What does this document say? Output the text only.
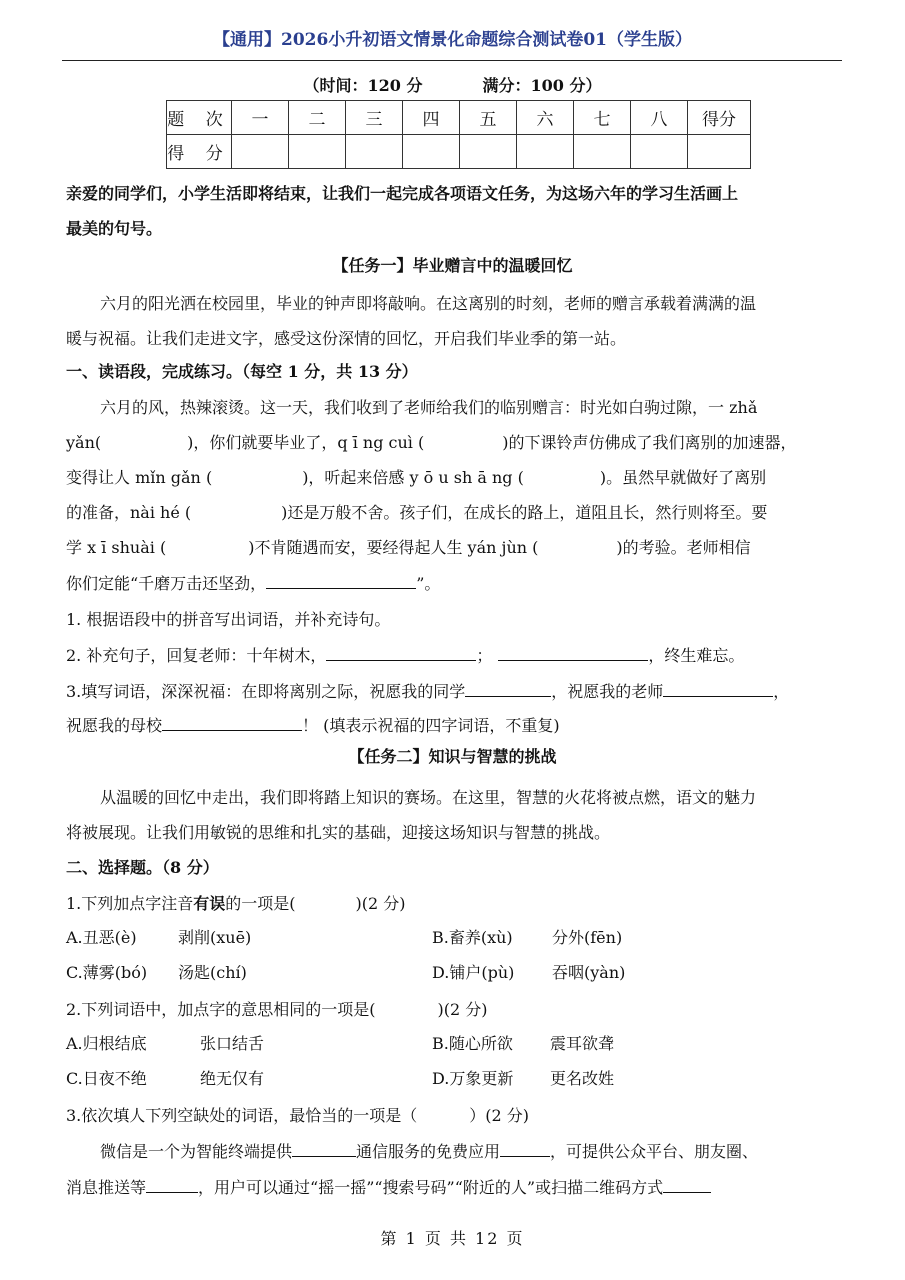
【通用】2026小升初语文情景化命题综合测试卷01（学生版）
（时间：120 分	满分：100 分）
题 次	一	二	三	四	五	六	七	八	得分
得 分									
亲爱的同学们，小学生活即将结束，让我们一起完成各项语文任务，为这场六年的学习生活画上
最美的句号。
【任务一】毕业赠言中的温暖回忆
六月的阳光洒在校园里，毕业的钟声即将敲响。在这离别的时刻，老师的赠言承载着满满的温
暖与祝福。让我们走进文字，感受这份深情的回忆，开启我们毕业季的第一站。
一、读语段，完成练习。（每空 1 分，共 13 分）
六月的风，热辣滚烫。这一天，我们收到了老师给我们的临别赠言：时光如白驹过隙，一 zhǎ
yǎn(	)，你们就要毕业了，q ī ng cuì (	)的下课铃声仿佛成了我们离别的加速器，
变得让人 mǐn gǎn (	)，听起来倍感 y ō u sh ā ng (	)。虽然早就做好了离别
的准备，nài hé (	)还是万般不舍。孩子们，在成长的路上，道阻且长，然行则将至。要
学 x ī shuài (	)不肯随遇而安，要经得起人生 yán jùn (	)的考验。老师相信
你们定能“千磨万击还坚劲，	”。
1. 根据语段中的拼音写出词语，并补充诗句。
2. 补充句子，回复老师：十年树木，	；	，终生难忘。
3.填写词语，深深祝福：在即将离别之际，祝愿我的同学	，祝愿我的老师	，
祝愿我的母校	！ (填表示祝福的四字词语，不重复)
【任务二】知识与智慧的挑战
从温暖的回忆中走出，我们即将踏上知识的赛场。在这里，智慧的火花将被点燃，语文的魅力
将被展现。让我们用敏锐的思维和扎实的基础，迎接这场知识与智慧的挑战。
二、选择题。（8 分）
1.下列加点字注音有误的一项是(	)(2 分)
A.丑恶(è)	剥削(xuē)	B.畜养(xù) 分外(fēn)
C.薄雾(bó) 汤匙(chí)	D.铺户(pù) 吞咽(yàn)
2.下列词语中，加点字的意思相同的一项是(	)(2 分)
A.归根结底	张口结舌	B.随心所欲 震耳欲聋
C.日夜不绝	绝无仅有	D.万象更新 更名改姓
3.依次填人下列空缺处的词语，最恰当的一项是（	）(2 分)
微信是一个为智能终端提供	通信服务的免费应用	，可提供公众平台、朋友圈、
消息推送等	，用户可以通过“摇一摇”“搜索号码”“附近的人”或扫描二维码方式
第 1 页 共 12 页
